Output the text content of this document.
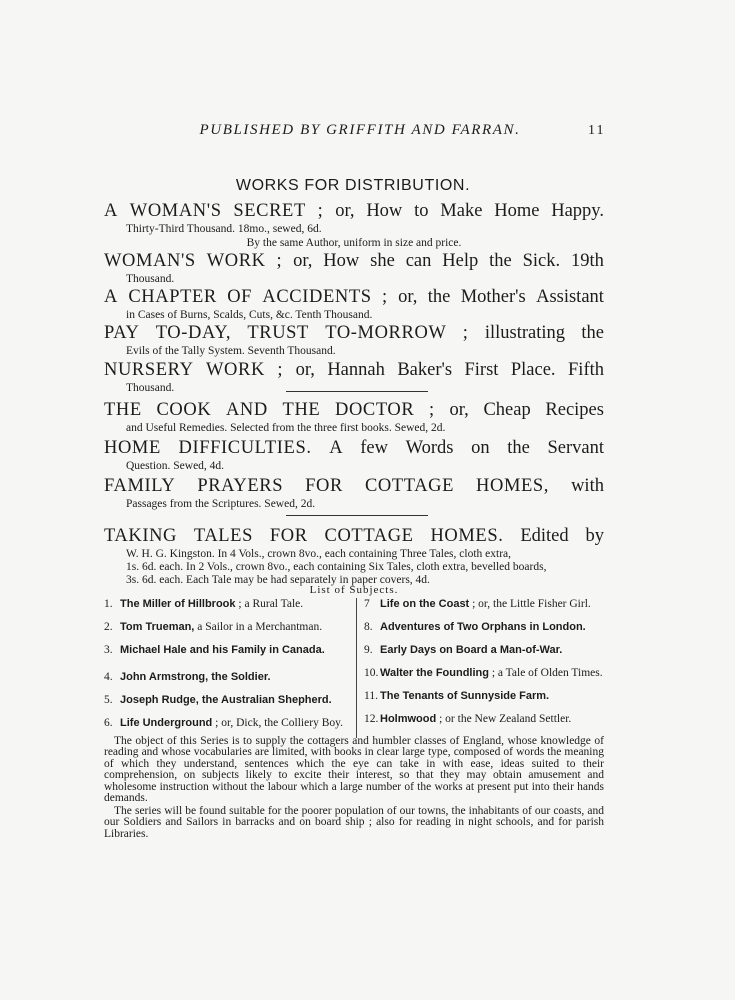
PUBLISHED BY GRIFFITH AND FARRAN.	11
WORKS FOR DISTRIBUTION.
A WOMAN'S SECRET ; or, How to Make Home Happy.
Thirty-Third Thousand. 18mo., sewed, 6d.
WOMAN'S WORK ; or, How she can Help the Sick. 19th
Thousand.
A CHAPTER OF ACCIDENTS ; or, the Mother's Assistant
in Cases of Burns, Scalds, Cuts, &c. Tenth Thousand.
PAY TO-DAY, TRUST TO-MORROW ; illustrating the
Evils of the Tally System. Seventh Thousand.
NURSERY WORK ; or, Hannah Baker's First Place. Fifth
Thousand.
THE COOK AND THE DOCTOR ; or, Cheap Recipes
and Useful Remedies. Selected from the three first books. Sewed, 2d.
HOME DIFFICULTIES. A few Words on the Servant
Question. Sewed, 4d.
FAMILY PRAYERS FOR COTTAGE HOMES, with
Passages from the Scriptures. Sewed, 2d.
TAKING TALES FOR COTTAGE HOMES. Edited by
W. H. G. Kingston. In 4 Vols., crown 8vo., each containing Three Tales, cloth extra,
1s. 6d. each. In 2 Vols., crown 8vo., each containing Six Tales, cloth extra, bevelled boards,
3s. 6d. each. Each Tale may be had separately in paper covers, 4d.
By the same Author, uniform in size and price.
List of Subjects.
1. The Miller of Hillbrook ; a Rural Tale.
2. Tom Trueman, a Sailor in a Merchantman.
3. Michael Hale and his Family in Canada.
4. John Armstrong, the Soldier.
5. Joseph Rudge, the Australian Shepherd.
6. Life Underground ; or, Dick, the Colliery Boy.
7 Life on the Coast ; or, the Little Fisher Girl.
8. Adventures of Two Orphans in London.
9. Early Days on Board a Man-of-War.
10. Walter the Foundling ; a Tale of Olden Times.
11. The Tenants of Sunnyside Farm.
12. Holmwood ; or the New Zealand Settler.
The object of this Series is to supply the cottagers and humbler classes of England, whose knowledge of reading and whose vocabularies are limited, with books in clear large type, composed of words the meaning of which they understand, sentences which the eye can take in with ease, ideas suited to their comprehension, on subjects likely to excite their interest, so that they may obtain amusement and wholesome instruction without the labour which a large number of the works at present put into their hands demands.
The series will be found suitable for the poorer population of our towns, the inhabitants of our coasts, and our Soldiers and Sailors in barracks and on board ship ; also for reading in night schools, and for parish Libraries.
